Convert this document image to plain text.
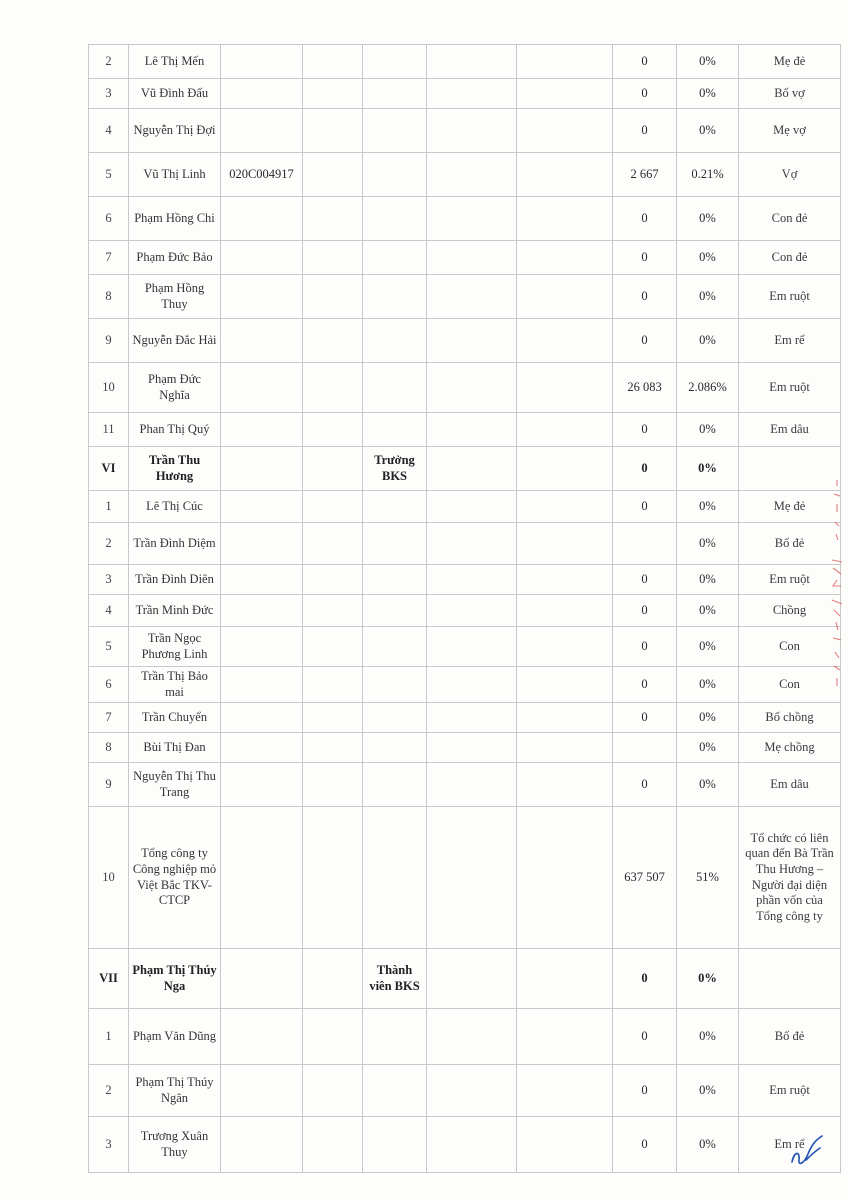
2	Lê Thị Mến						0	0%	Mẹ đẻ
3	Vũ Đình Đấu						0	0%	Bố vợ
4	Nguyễn Thị Đợi						0	0%	Mẹ vợ
5	Vũ Thị Linh	020C004917					2 667	0.21%	Vợ
6	Phạm Hồng Chi						0	0%	Con đẻ
7	Phạm Đức Bảo						0	0%	Con đẻ
8	Phạm Hồng Thuy						0	0%	Em ruột
9	Nguyễn Đắc Hải						0	0%	Em rể
10	Phạm Đức Nghĩa						26 083	2.086%	Em ruột
11	Phan Thị Quý						0	0%	Em dâu
VI	Trần Thu Hương			Trưởng BKS			0	0%	
1	Lê Thị Cúc						0	0%	Mẹ đẻ
2	Trần Đình Diệm							0%	Bố đẻ
3	Trần Đình Diên						0	0%	Em ruột
4	Trần Minh Đức						0	0%	Chồng
5	Trần Ngọc Phương Linh						0	0%	Con
6	Trần Thị Bảo mai						0	0%	Con
7	Trần Chuyển						0	0%	Bố chồng
8	Bùi Thị Đan							0%	Mẹ chồng
9	Nguyễn Thị Thu Trang						0	0%	Em dâu
10	Tổng công ty Công nghiệp mỏ Việt Bắc TKV-CTCP						637 507	51%	Tổ chức có liên quan đến Bà Trần Thu Hương – Người đại diện phần vốn của Tổng công ty
VII	Phạm Thị Thúy Nga			Thành viên BKS			0	0%	
1	Phạm Văn Dũng						0	0%	Bố đẻ
2	Phạm Thị Thúy Ngân						0	0%	Em ruột
3	Trương Xuân Thuy						0	0%	Em rể
